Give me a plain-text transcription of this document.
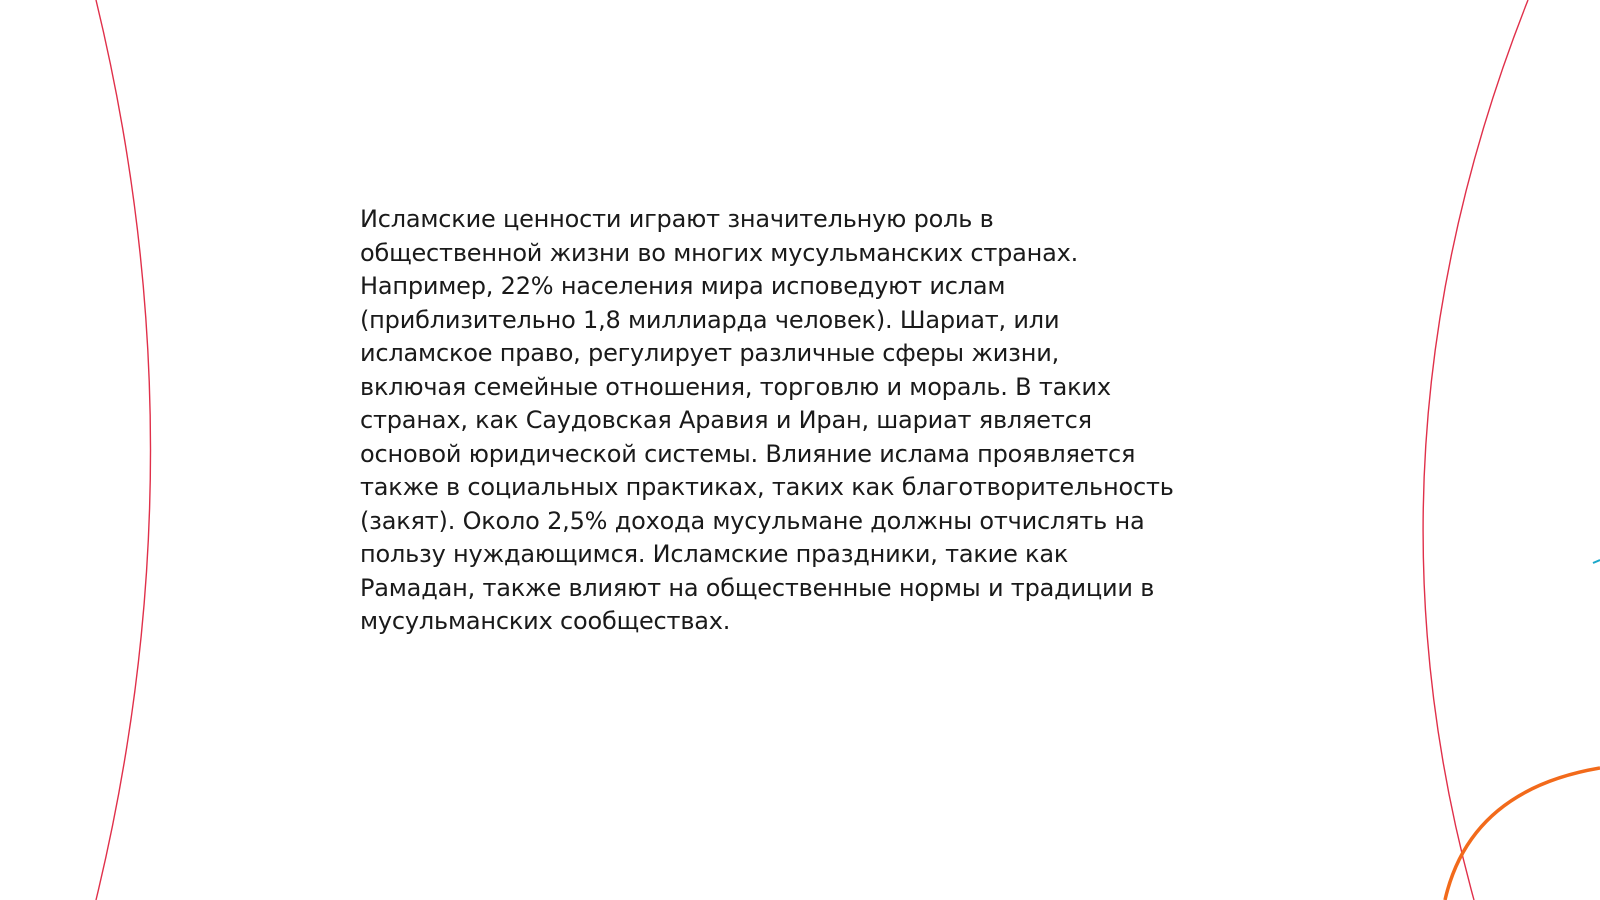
Исламские ценности играют значительную роль в
общественной жизни во многих мусульманских странах.
Например, 22% населения мира исповедуют ислам
(приблизительно 1,8 миллиарда человек). Шариат, или
исламское право, регулирует различные сферы жизни,
включая семейные отношения, торговлю и мораль. В таких
странах, как Саудовская Аравия и Иран, шариат является
основой юридической системы. Влияние ислама проявляется
также в социальных практиках, таких как благотворительность
(закят). Около 2,5% дохода мусульмане должны отчислять на
пользу нуждающимся. Исламские праздники, такие как
Рамадан, также влияют на общественные нормы и традиции в
мусульманских сообществах.
